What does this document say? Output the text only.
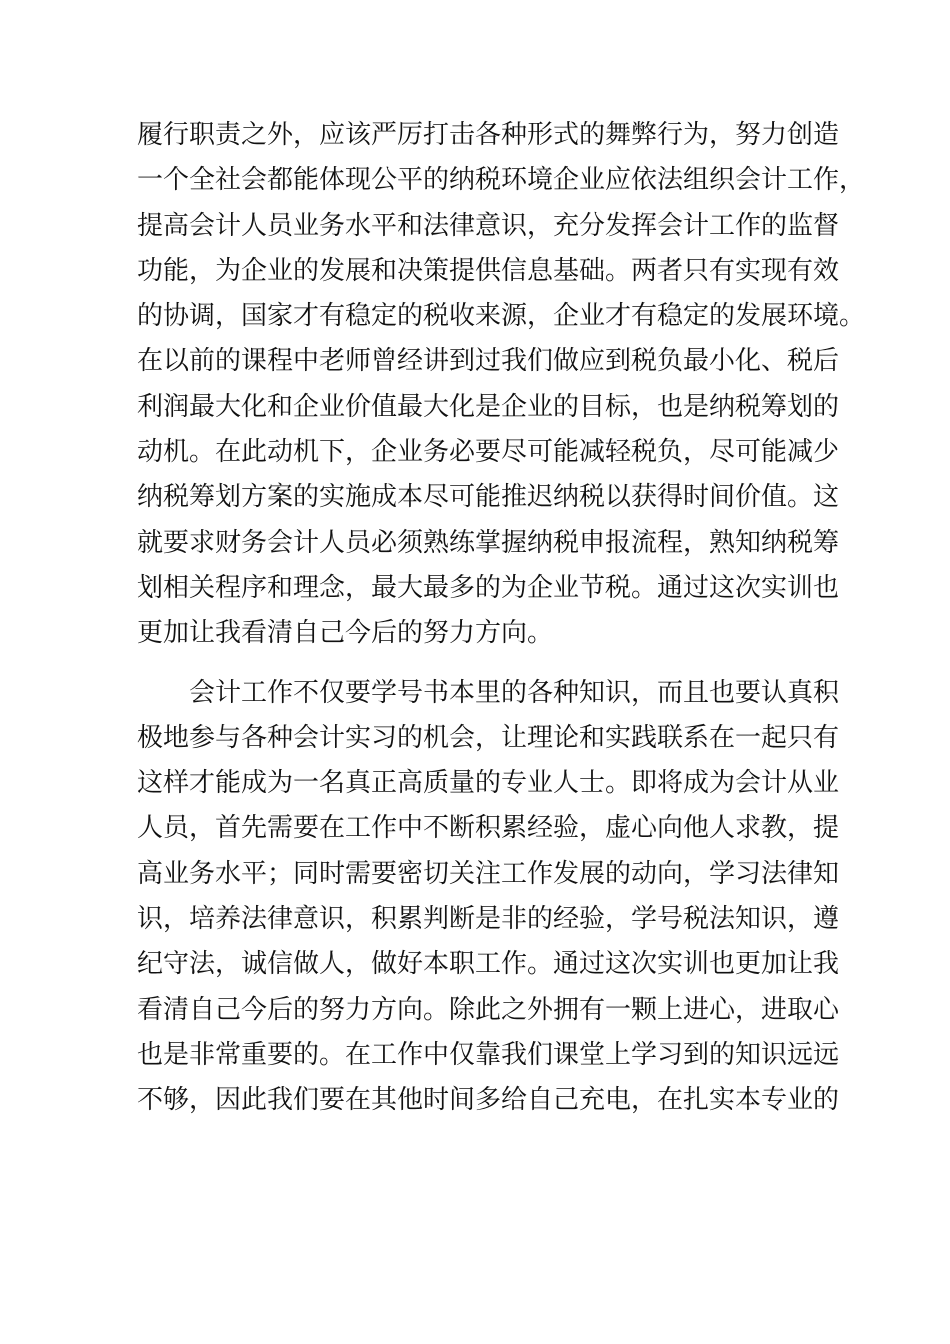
履行职责之外，应该严厉打击各种形式的舞弊行为，努力创造
一个全社会都能体现公平的纳税环境企业应依法组织会计工作，
提高会计人员业务水平和法律意识，充分发挥会计工作的监督
功能，为企业的发展和决策提供信息基础。两者只有实现有效
的协调，国家才有稳定的税收来源，企业才有稳定的发展环境。
在以前的课程中老师曾经讲到过我们做应到税负最小化、税后
利润最大化和企业价值最大化是企业的目标，也是纳税筹划的
动机。在此动机下，企业务必要尽可能减轻税负，尽可能减少
纳税筹划方案的实施成本尽可能推迟纳税以获得时间价值。这
就要求财务会计人员必须熟练掌握纳税申报流程，熟知纳税筹
划相关程序和理念，最大最多的为企业节税。通过这次实训也
更加让我看清自己今后的努力方向。
会计工作不仅要学号书本里的各种知识，而且也要认真积
极地参与各种会计实习的机会，让理论和实践联系在一起只有
这样才能成为一名真正高质量的专业人士。即将成为会计从业
人员，首先需要在工作中不断积累经验，虚心向他人求教，提
高业务水平；同时需要密切关注工作发展的动向，学习法律知
识，培养法律意识，积累判断是非的经验，学号税法知识，遵
纪守法，诚信做人，做好本职工作。通过这次实训也更加让我
看清自己今后的努力方向。除此之外拥有一颗上进心，进取心
也是非常重要的。在工作中仅靠我们课堂上学习到的知识远远
不够，因此我们要在其他时间多给自己充电，在扎实本专业的
